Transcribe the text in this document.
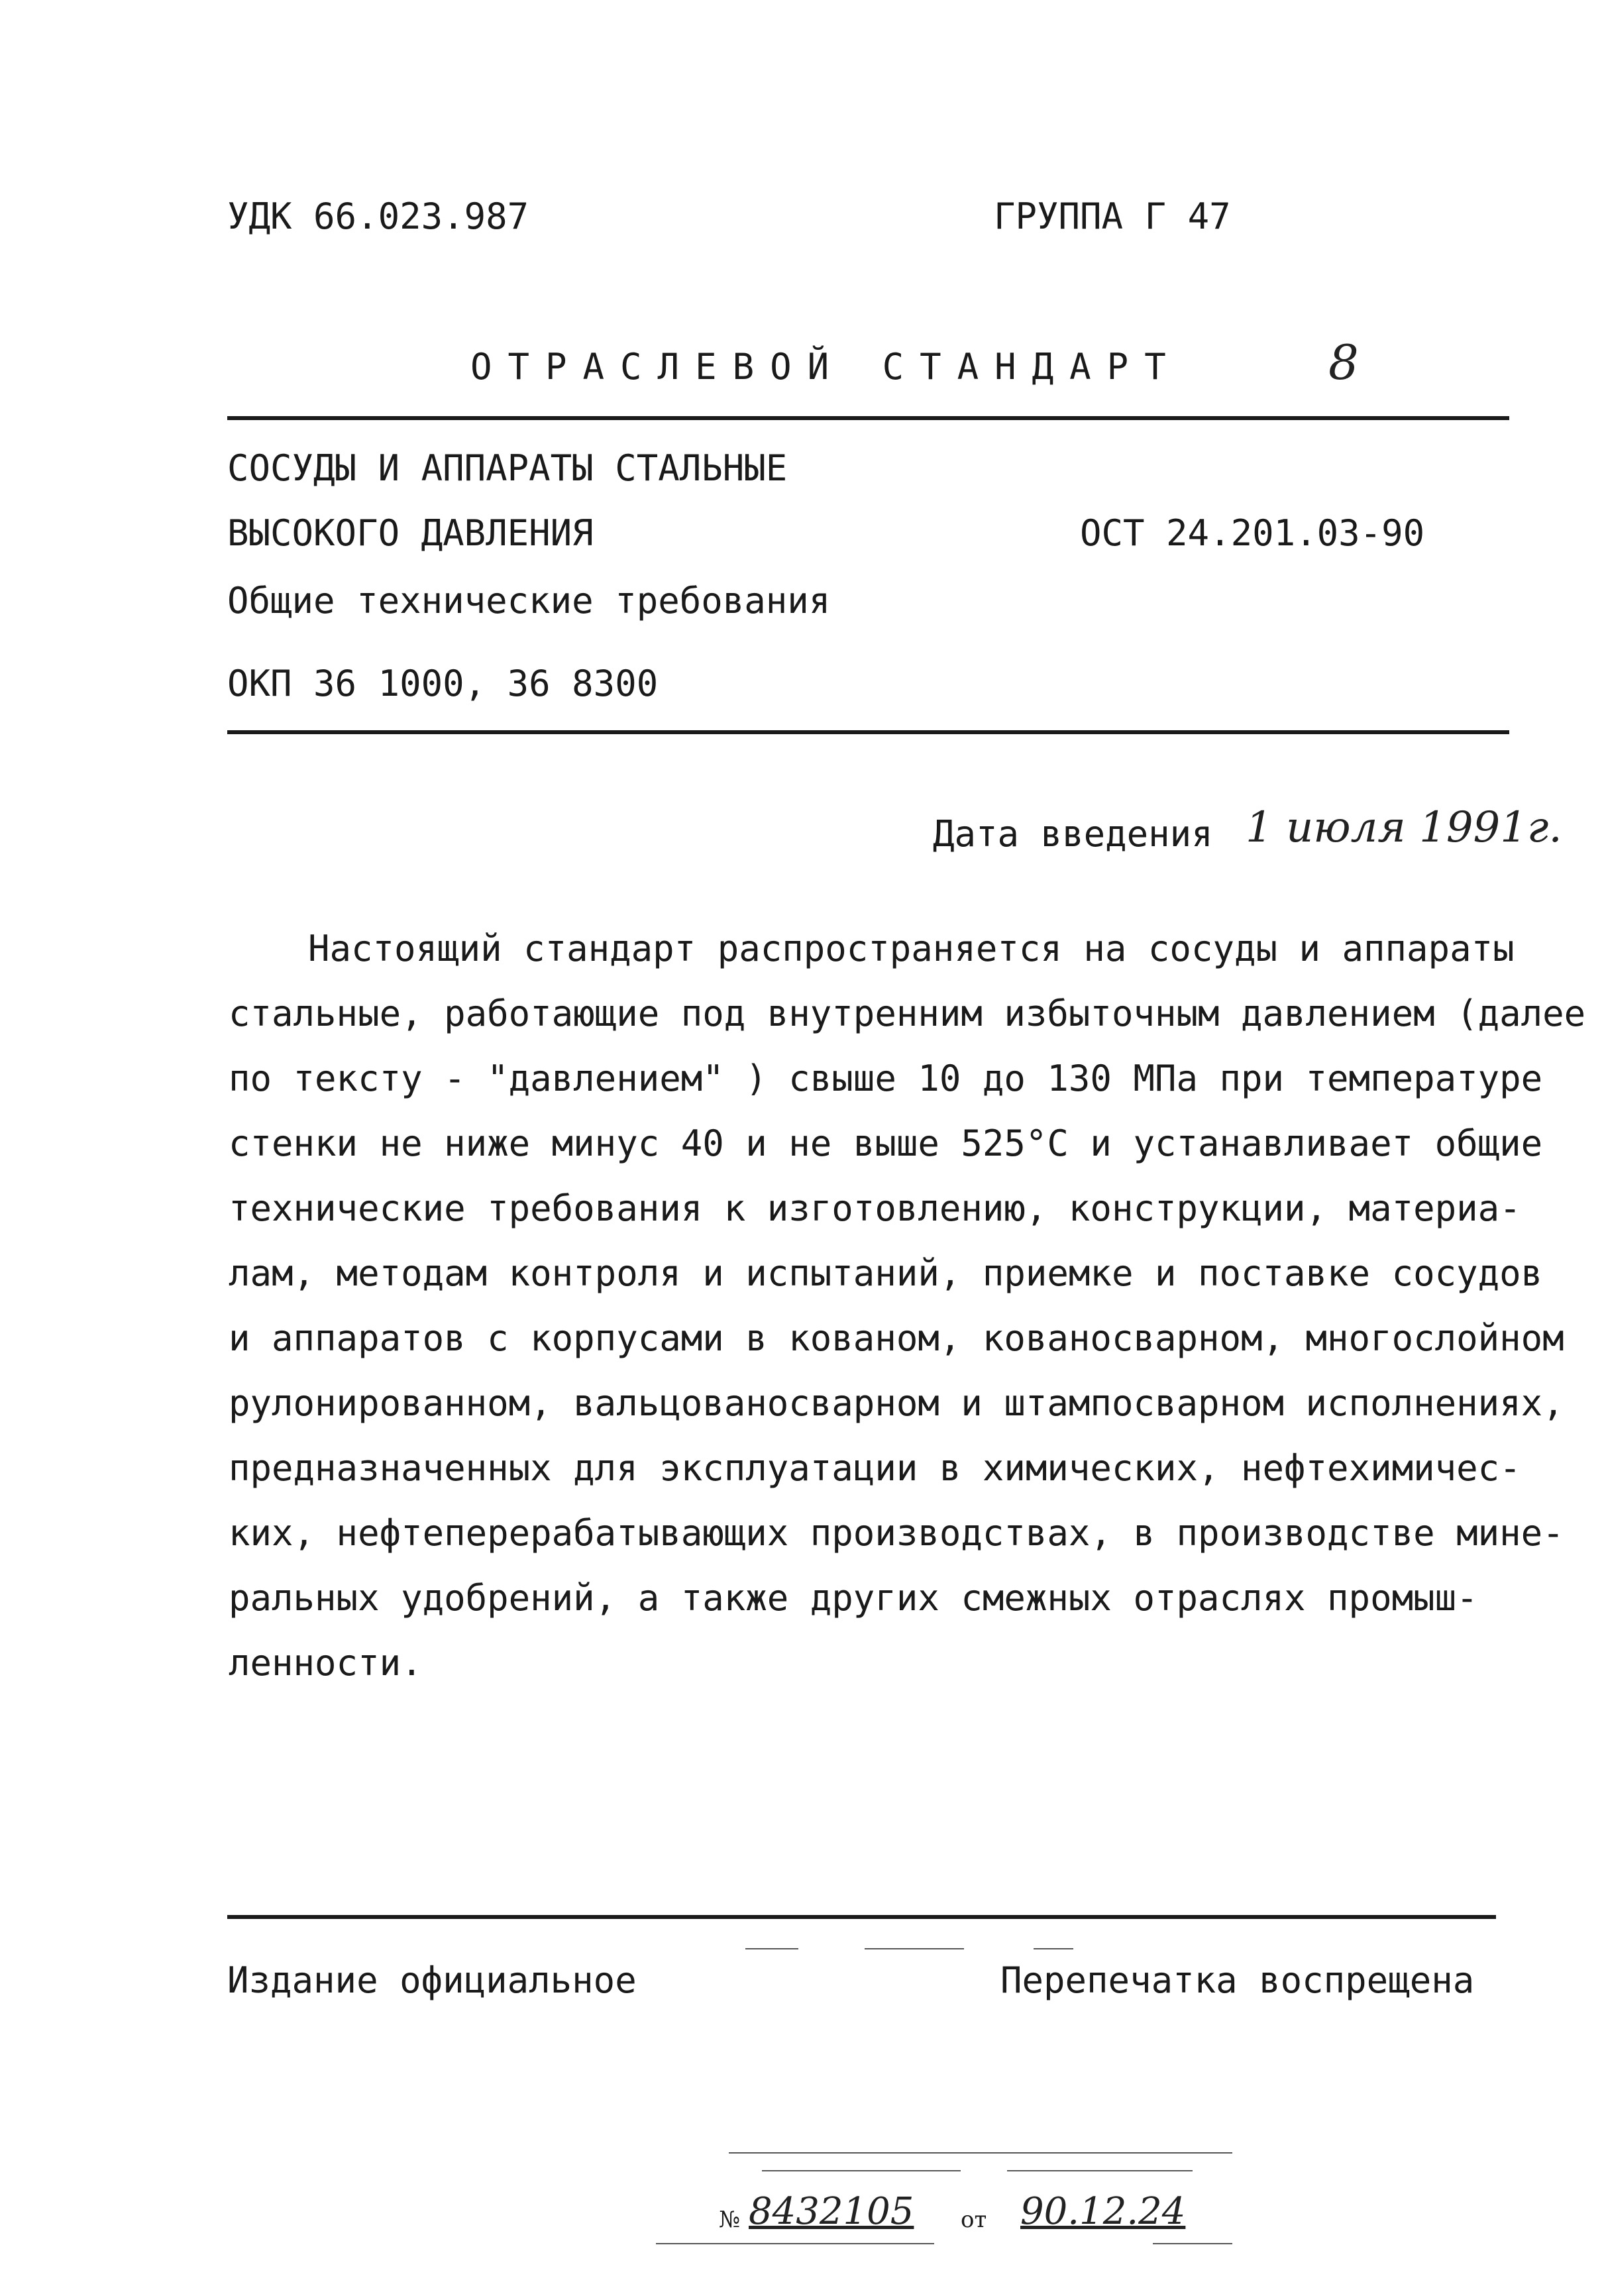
УДК 66.023.987	ГРУППА Г 47
ОТРАСЛЕВОЙ СТАНДАРТ	8
СОСУДЫ И АППАРАТЫ СТАЛЬНЫЕ
ВЫСОКОГО ДАВЛЕНИЯ	ОСТ 24.201.03-90
Общие технические требования
ОКП 36 1000, 36 8300
Дата введения 1 июля 1991г.
Настоящий стандарт распространяется на сосуды и аппараты
стальные, работающие под внутренним избыточным давлением (далее
по тексту - "давлением" ) свыше 10 до 130 МПа при температуре
стенки не ниже минус 40 и не выше 525°С и устанавливает общие
технические требования к изготовлению, конструкции, материа-
лам, методам контроля и испытаний, приемке и поставке сосудов
и аппаратов с корпусами в кованом, кованосварном, многослойном
рулонированном, вальцованосварном и штампосварном исполнениях,
предназначенных для эксплуатации в химических, нефтехимичес-
ких, нефтеперерабатывающих производствах, в производстве мине-
ральных удобрений, а также других смежных отраслях промыш-
ленности.
Издание официальное	Перепечатка воспрещена
№ 8432105 от 90.12.24
